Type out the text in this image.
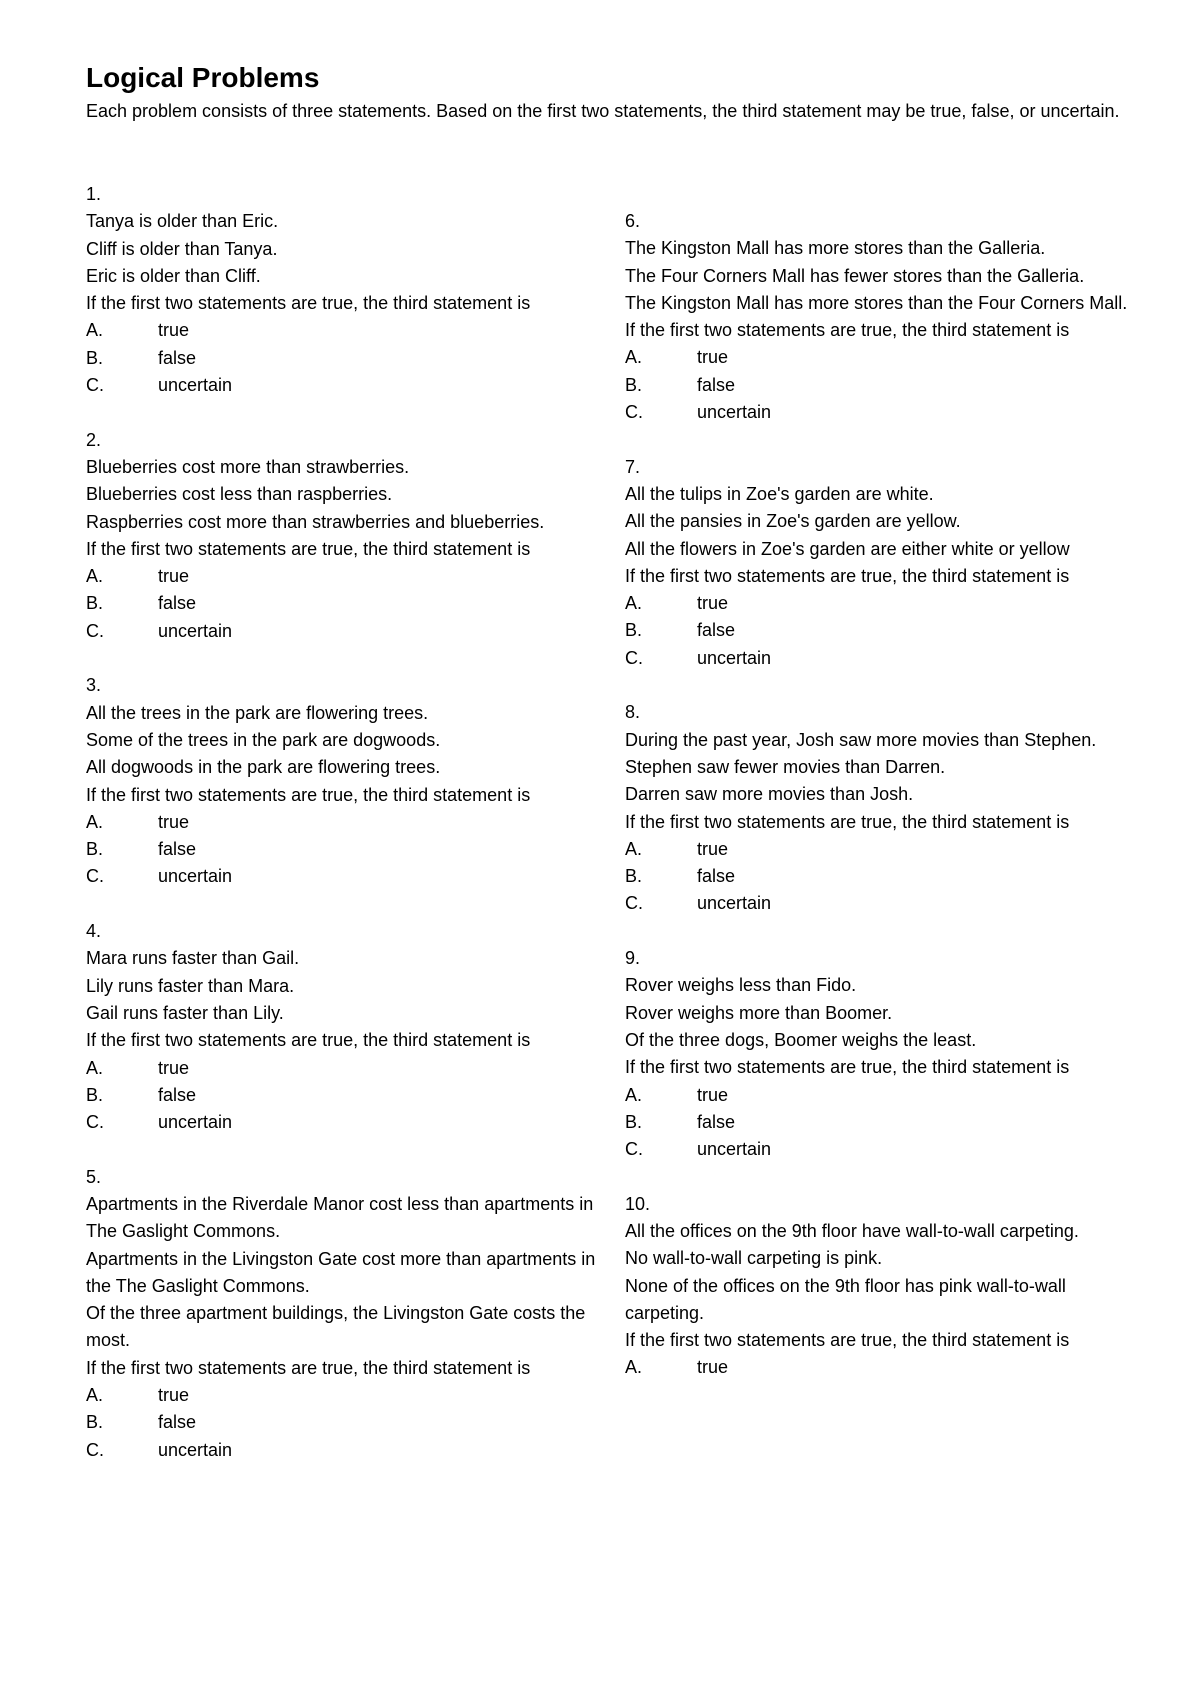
Logical Problems

Each problem consists of three statements. Based on the first two statements, the third statement may be true, false, or uncertain.

1.
Tanya is older than Eric.
Cliff is older than Tanya.
Eric is older than Cliff.
If the first two statements are true, the third statement is
A.	true
B.	false
C.	uncertain
2.
Blueberries cost more than strawberries.
Blueberries cost less than raspberries.
Raspberries cost more than strawberries and blueberries.
If the first two statements are true, the third statement is
A.	true
B.	false
C.	uncertain
3.
All the trees in the park are flowering trees.
Some of the trees in the park are dogwoods.
All dogwoods in the park are flowering trees.
If the first two statements are true, the third statement is
A.	true
B.	false
C.	uncertain
4.
Mara runs faster than Gail.
Lily runs faster than Mara.
Gail runs faster than Lily.
If the first two statements are true, the third statement is
A.	true
B.	false
C.	uncertain
5.
Apartments in the Riverdale Manor cost less than apartments in The Gaslight Commons.
Apartments in the Livingston Gate cost more than apartments in the The Gaslight Commons.
Of the three apartment buildings, the Livingston Gate costs the most.
If the first two statements are true, the third statement is
A.	true
B.	false
C.	uncertain
6.
The Kingston Mall has more stores than the Galleria.
The Four Corners Mall has fewer stores than the Galleria.
The Kingston Mall has more stores than the Four Corners Mall.
If the first two statements are true, the third statement is
A.	true
B.	false
C.	uncertain
7.
All the tulips in Zoe's garden are white.
All the pansies in Zoe's garden are yellow.
All the flowers in Zoe's garden are either white or yellow
If the first two statements are true, the third statement is
A.	true
B.	false
C.	uncertain
8.
During the past year, Josh saw more movies than Stephen.
Stephen saw fewer movies than Darren.
Darren saw more movies than Josh.
If the first two statements are true, the third statement is
A.	true
B.	false
C.	uncertain
9.
Rover weighs less than Fido.
Rover weighs more than Boomer.
Of the three dogs, Boomer weighs the least.
If the first two statements are true, the third statement is
A.	true
B.	false
C.	uncertain
10.
All the offices on the 9th floor have wall-to-wall carpeting.
No wall-to-wall carpeting is pink.
None of the offices on the 9th floor has pink wall-to-wall carpeting.
If the first two statements are true, the third statement is
A.	true
